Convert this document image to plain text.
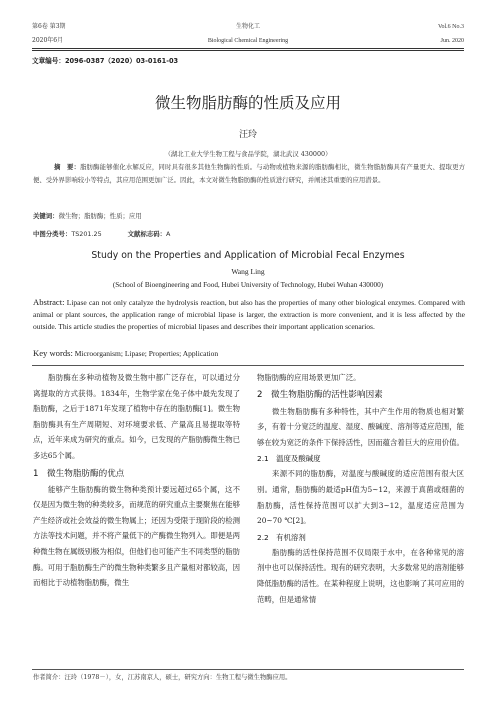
第6卷 第3期	生物化工	Vol.6 No.3
2020年6月	Biological Chemical Engineering	Jun. 2020
文章编号：2096-0387（2020）03-0161-03
微生物脂肪酶的性质及应用
汪玲
（湖北工业大学生物工程与食品学院，湖北武汉 430000）
摘　要：脂肪酶能够催化水解反应，同时具有很多其他生物酶的性质。与动物或植物来源的脂肪酶相比，微生物脂肪酶具有产量更大、提取更方便、受外界影响较小等特点，其应用范围更加广泛。因此，本文对微生物脂肪酶的性质进行研究，并阐述其重要的应用潜景。
关键词：微生物；脂肪酶；性质；应用
中图分类号：TS201.25	文献标志码：A
Study on the Properties and Application of Microbial Fecal Enzymes
Wang Ling
(School of Bioengineering and Food, Hubei University of Technology, Hubei Wuhan 430000)
Abstract: Lipase can not only catalyze the hydrolysis reaction, but also has the properties of many other biological enzymes. Compared with animal or plant sources, the application range of microbial lipase is larger, the extraction is more convenient, and it is less affected by the outside. This article studies the properties of microbial lipases and describes their important application scenarios.
Key words: Microorganism; Lipase; Properties; Application

脂肪酶在多种动植物及微生物中都广泛存在，可以通过分离提取的方式获得。1834年，生物学家在兔子体中最先发现了脂肪酶，之后于1871年发现了植物中存在的脂肪酶[1]。微生物脂肪酶具有生产周期短、对环境要求低、产量高且易提取等特点，近年来成为研究的重点。如今，已发现的产脂肪酶微生物已多达65个属。

1　微生物脂肪酶的优点

能够产生脂肪酶的微生物种类预计要远超过65个属，这不仅是因为微生物的种类较多，而规范的研究重点主要聚焦在能够产生经济或社会效益的微生物属上；还因为受限于现阶段的检测方法等技术问题，并不将产量低下的产酶微生物列入。即便是两种微生物在属级别极为相似，但他们也可能产生不同类型的脂肪酶。可用于脂肪酶生产的微生物种类繁多且产量相对都较高，因而相比于动植物脂肪酶，微生

物脂肪酶的应用场景更加广泛。

2　微生物脂肪酶的活性影响因素

微生物脂肪酶有多种特性，其中产生作用的物质也相对繁多，有着十分宽泛的温度、湿度、酸碱度、溶剂等适应范围，能够在较为宽泛的条件下保持活性，因而蕴含着巨大的应用价值。

2.1　温度及酸碱度

来源不同的脂肪酶，对温度与酸碱度的适应范围有很大区别。通常，脂肪酶的最适pH值为5~12，来源于真菌或细菌的脂肪酶，活性保持范围可以扩大到3~12，温度适应范围为20~70 ℃[2]。

2.2　有机溶剂

脂肪酶的活性保持范围不仅局限于水中，在各种常见的溶剂中也可以保持活性。现有的研究表明，大多数常见的溶剂能够降低脂肪酶的活性。在某种程度上说明，这也影响了其可应用的范畴，但是通常情

作者简介：汪玲（1978－），女，江苏南京人，硕士，研究方向：生物工程与微生物酶应用。
